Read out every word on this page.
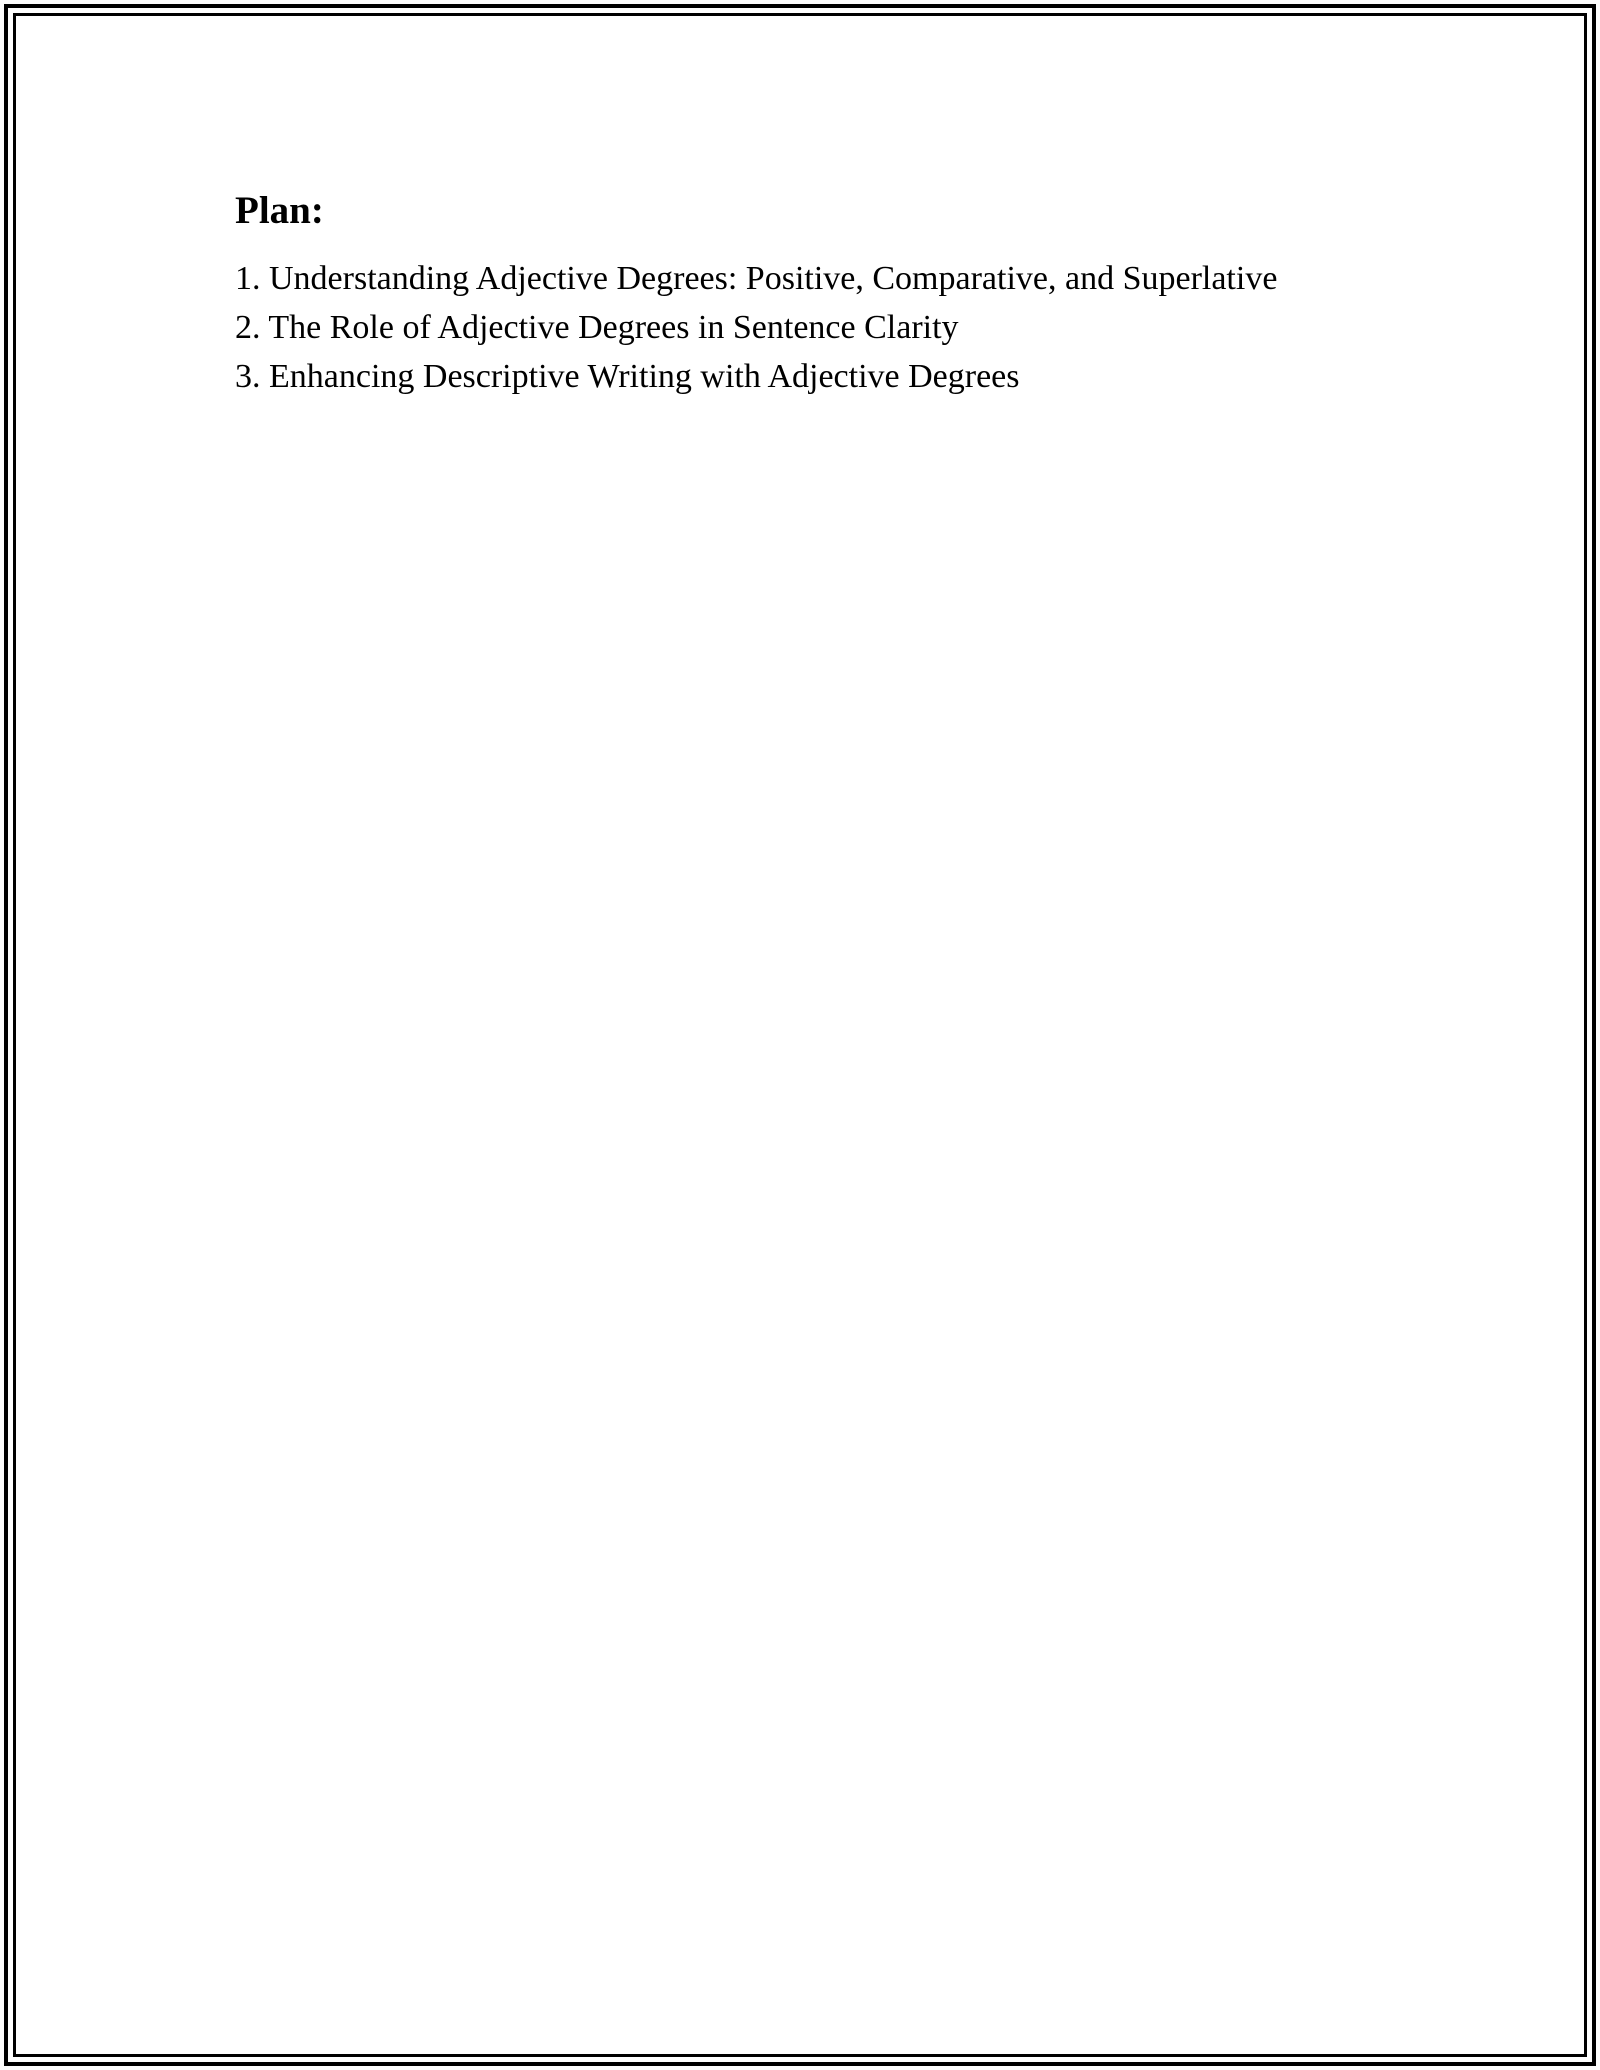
Plan:
1. Understanding Adjective Degrees: Positive, Comparative, and Superlative
2. The Role of Adjective Degrees in Sentence Clarity
3. Enhancing Descriptive Writing with Adjective Degrees
